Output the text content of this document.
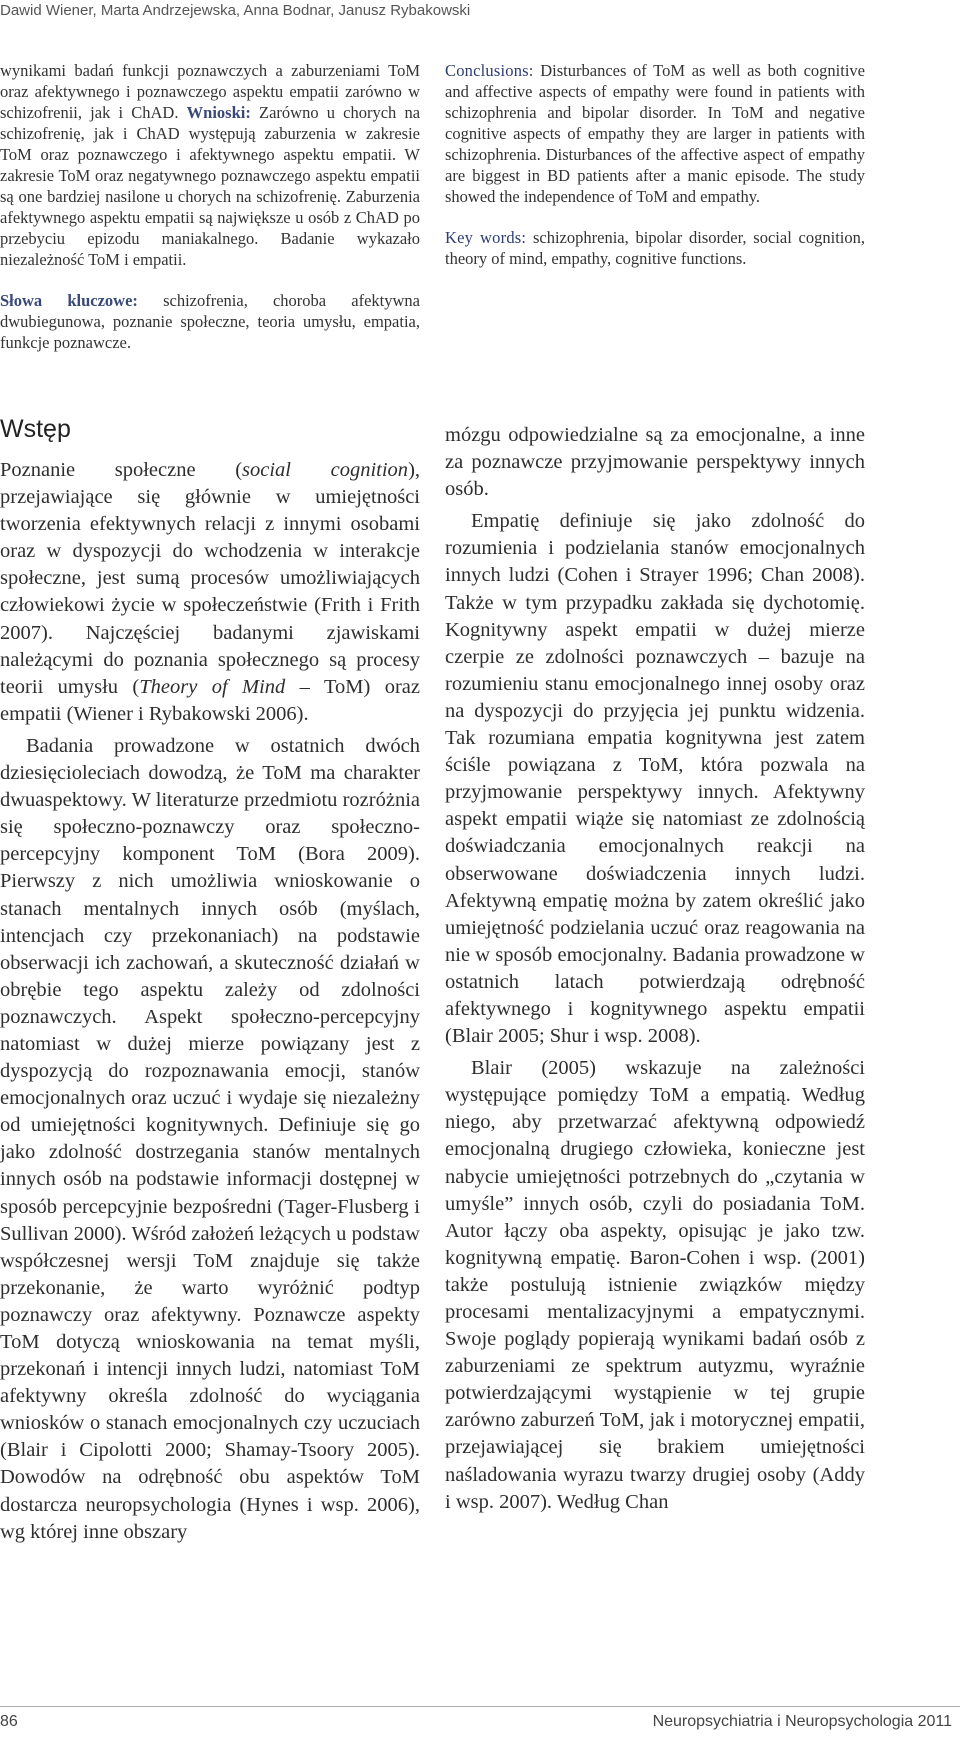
Dawid Wiener, Marta Andrzejewska, Anna Bodnar, Janusz Rybakowski

wynikami badań funkcji poznawczych a zaburzeniami ToM oraz afektywnego i poznawczego aspektu empatii zarówno w schizofrenii, jak i ChAD. Wnioski: Zarówno u chorych na schizofrenię, jak i ChAD występują zaburzenia w zakresie ToM oraz poznawczego i afektywnego aspektu empatii. W zakresie ToM oraz negatywnego poznawczego aspektu empatii są one bardziej nasilone u chorych na schizofrenię. Zaburzenia afektywnego aspektu empatii są największe u osób z ChAD po przebyciu epizodu maniakalnego. Badanie wykazało niezależność ToM i empatii.

Słowa kluczowe: schizofrenia, choroba afektywna dwubiegunowa, poznanie społeczne, teoria umysłu, empatia, funkcje poznawcze.

Conclusions: Disturbances of ToM as well as both cognitive and affective aspects of empathy were found in patients with schizophrenia and bipolar disorder. In ToM and negative cognitive aspects of empathy they are larger in patients with schizophrenia. Disturbances of the affective aspect of empathy are biggest in BD patients after a manic episode. The study showed the independence of ToM and empathy.

Key words: schizophrenia, bipolar disorder, social cognition, theory of mind, empathy, cognitive functions.

Wstęp

Poznanie społeczne (social cognition), przejawiające się głównie w umiejętności tworzenia efektywnych relacji z innymi osobami oraz w dyspozycji do wchodzenia w interakcje społeczne, jest sumą procesów umożliwiających człowiekowi życie w społeczeństwie (Frith i Frith 2007). Najczęściej badanymi zjawiskami należącymi do poznania społecznego są procesy teorii umysłu (Theory of Mind – ToM) oraz empatii (Wiener i Rybakowski 2006).

Badania prowadzone w ostatnich dwóch dziesięcioleciach dowodzą, że ToM ma charakter dwuaspektowy. W literaturze przedmiotu rozróżnia się społeczno-poznawczy oraz społeczno-percepcyjny komponent ToM (Bora 2009). Pierwszy z nich umożliwia wnioskowanie o stanach mentalnych innych osób (myślach, intencjach czy przekonaniach) na podstawie obserwacji ich zachowań, a skuteczność działań w obrębie tego aspektu zależy od zdolności poznawczych. Aspekt społeczno-percepcyjny natomiast w dużej mierze powiązany jest z dyspozycją do rozpoznawania emocji, stanów emocjonalnych oraz uczuć i wydaje się niezależny od umiejętności kognitywnych. Definiuje się go jako zdolność dostrzegania stanów mentalnych innych osób na podstawie informacji dostępnej w sposób percepcyjnie bezpośredni (Tager-Flusberg i Sullivan 2000). Wśród założeń leżących u podstaw współczesnej wersji ToM znajduje się także przekonanie, że warto wyróżnić podtyp poznawczy oraz afektywny. Poznawcze aspekty ToM dotyczą wnioskowania na temat myśli, przekonań i intencji innych ludzi, natomiast ToM afektywny określa zdolność do wyciągania wniosków o stanach emocjonalnych czy uczuciach (Blair i Cipolotti 2000; Shamay-Tsoory 2005). Dowodów na odrębność obu aspektów ToM dostarcza neuropsychologia (Hynes i wsp. 2006), wg której inne obszary

mózgu odpowiedzialne są za emocjonalne, a inne za poznawcze przyjmowanie perspektywy innych osób.

Empatię definiuje się jako zdolność do rozumienia i podzielania stanów emocjonalnych innych ludzi (Cohen i Strayer 1996; Chan 2008). Także w tym przypadku zakłada się dychotomię. Kognitywny aspekt empatii w dużej mierze czerpie ze zdolności poznawczych – bazuje na rozumieniu stanu emocjonalnego innej osoby oraz na dyspozycji do przyjęcia jej punktu widzenia. Tak rozumiana empatia kognitywna jest zatem ściśle powiązana z ToM, która pozwala na przyjmowanie perspektywy innych. Afektywny aspekt empatii wiąże się natomiast ze zdolnością doświadczania emocjonalnych reakcji na obserwowane doświadczenia innych ludzi. Afektywną empatię można by zatem określić jako umiejętność podzielania uczuć oraz reagowania na nie w sposób emocjonalny. Badania prowadzone w ostatnich latach potwierdzają odrębność afektywnego i kognitywnego aspektu empatii (Blair 2005; Shur i wsp. 2008).

Blair (2005) wskazuje na zależności występujące pomiędzy ToM a empatią. Według niego, aby przetwarzać afektywną odpowiedź emocjonalną drugiego człowieka, konieczne jest nabycie umiejętności potrzebnych do „czytania w umyśle” innych osób, czyli do posiadania ToM. Autor łączy oba aspekty, opisując je jako tzw. kognitywną empatię. Baron-Cohen i wsp. (2001) także postulują istnienie związków między procesami mentalizacyjnymi a empatycznymi. Swoje poglądy popierają wynikami badań osób z zaburzeniami ze spektrum autyzmu, wyraźnie potwierdzającymi wystąpienie w tej grupie zarówno zaburzeń ToM, jak i motorycznej empatii, przejawiającej się brakiem umiejętności naśladowania wyrazu twarzy drugiej osoby (Addy i wsp. 2007). Według Chan

86	Neuropsychiatria i Neuropsychologia 2011
